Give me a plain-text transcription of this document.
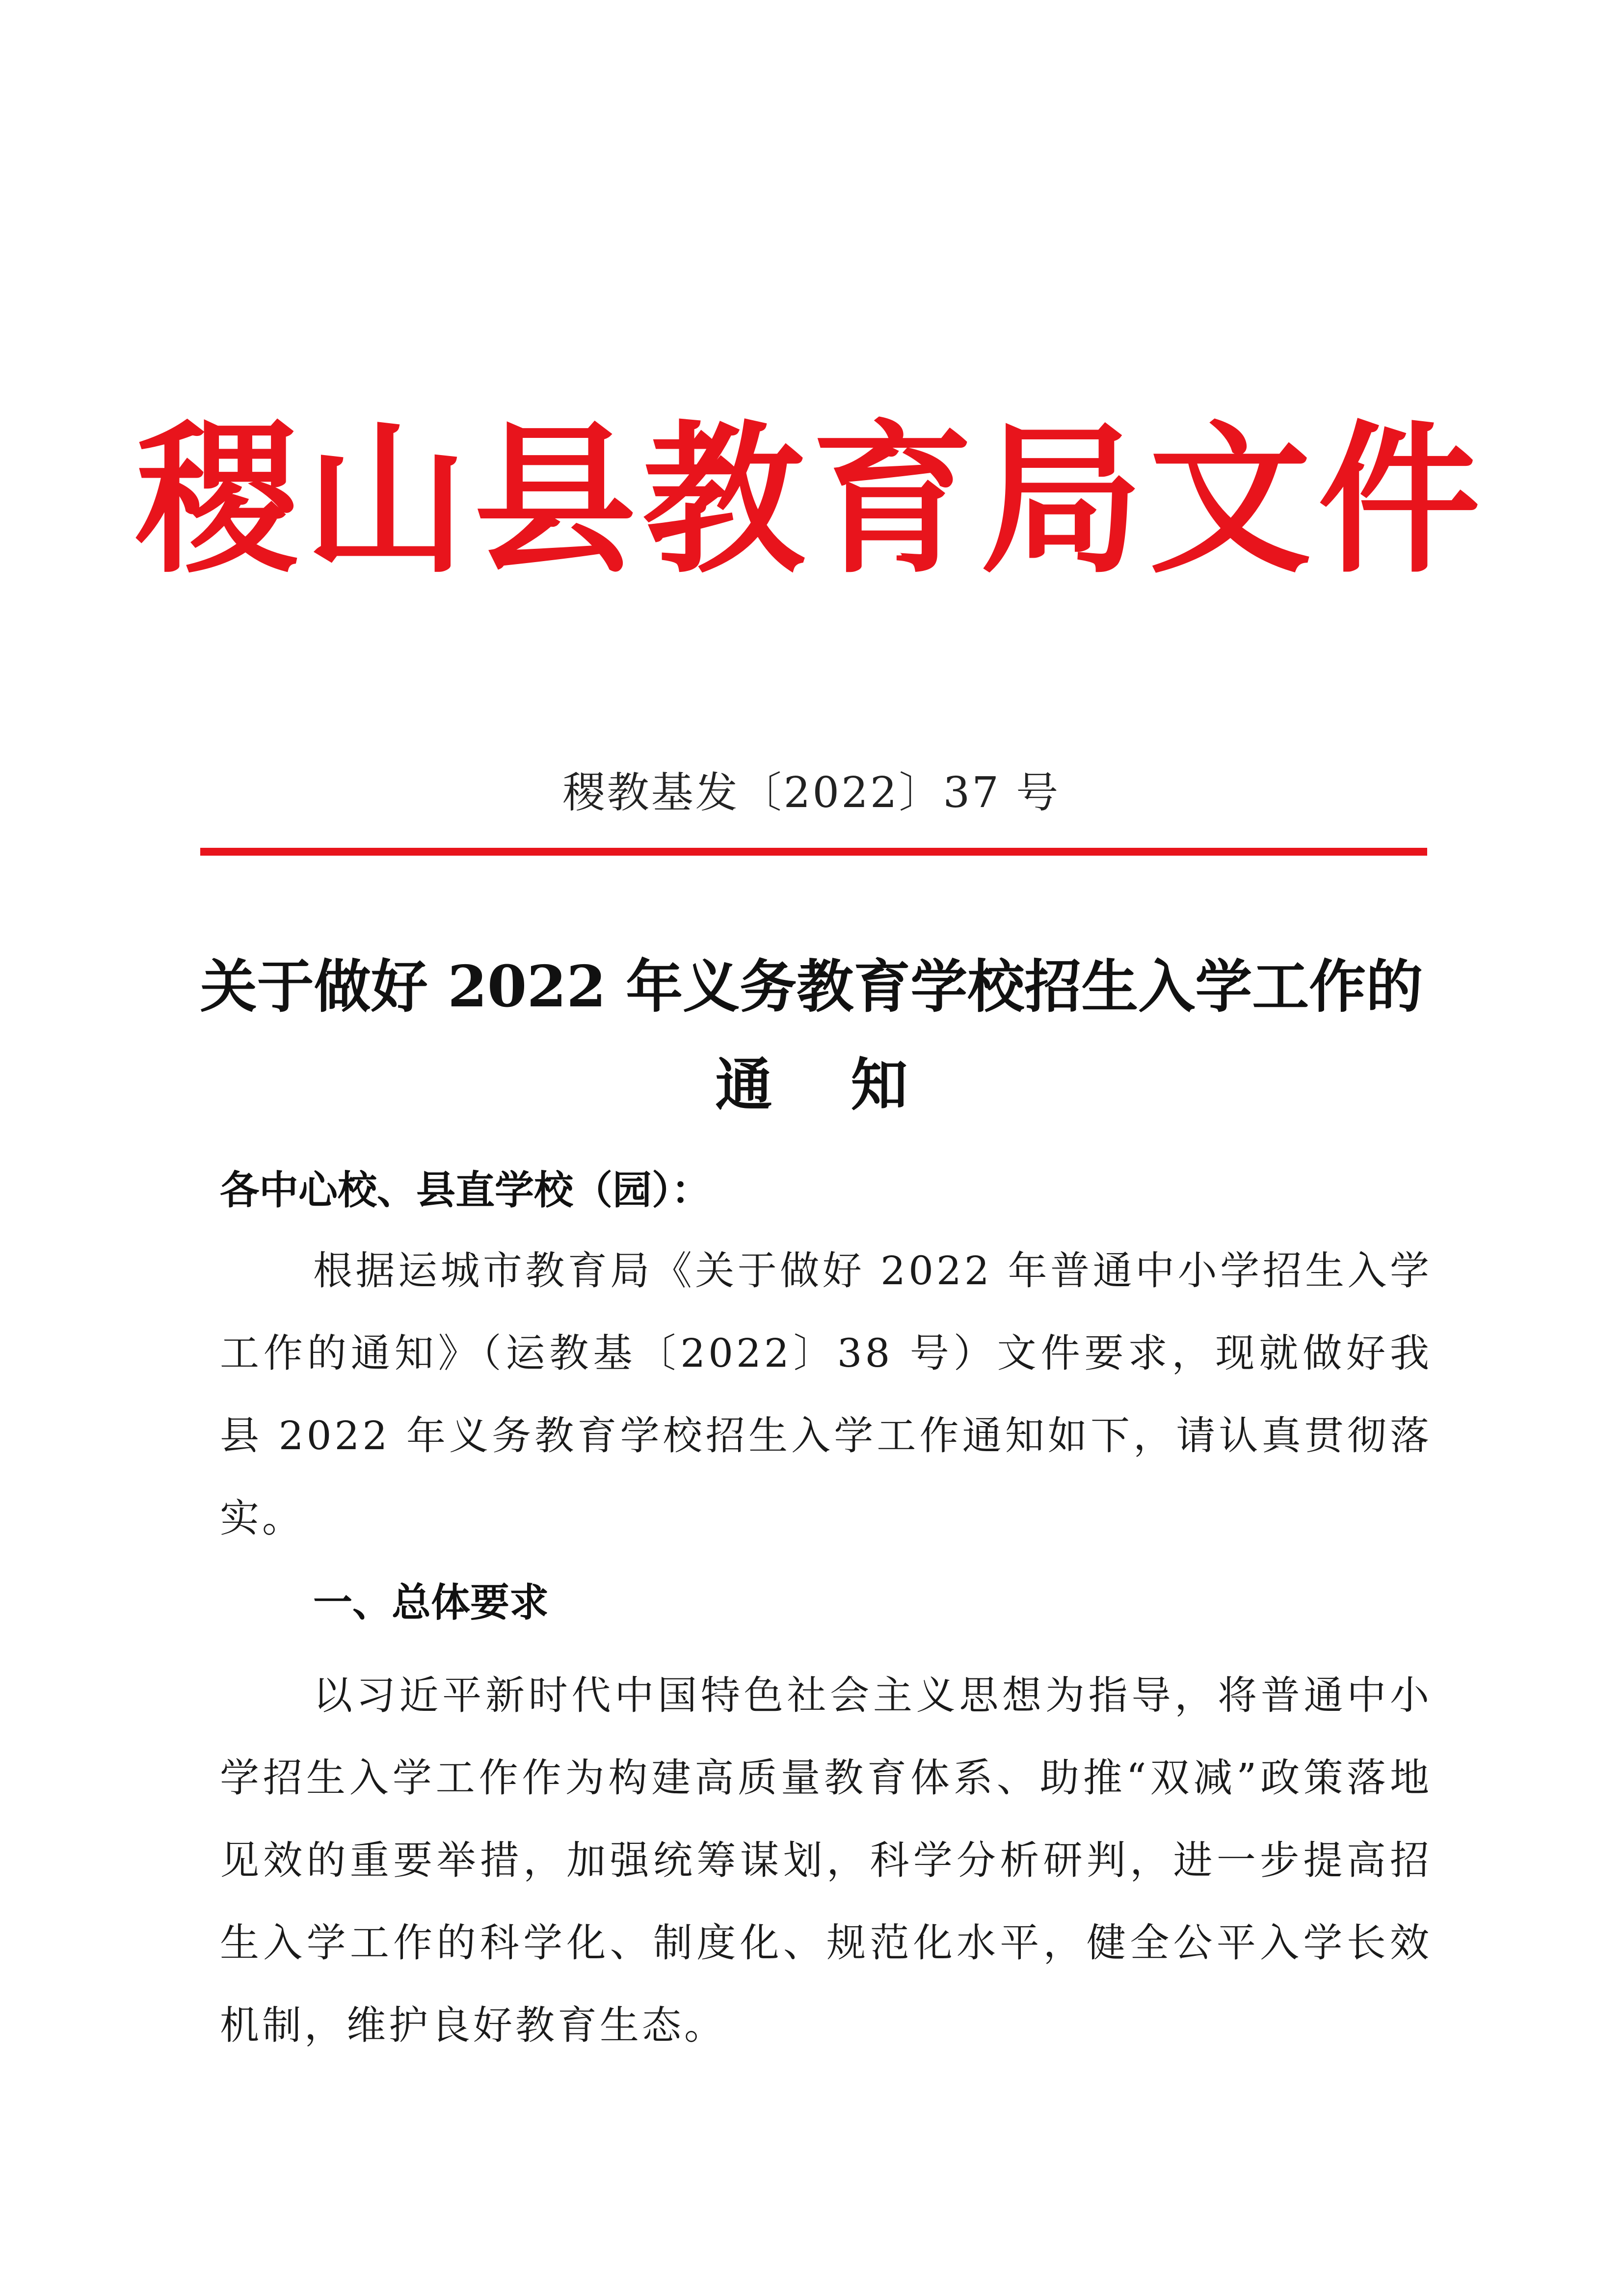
稷山县教育局文件
稷教基发〔2022〕37 号
关于做好 2022 年义务教育学校招生入学工作的
通知
各中心校、县直学校（园）：

根据运城市教育局《关于做好 2022 年普通中小学招生入学工作的通知》（运教基〔2022〕38 号）文件要求，现就做好我县 2022 年义务教育学校招生入学工作通知如下，请认真贯彻落实。

一、总体要求

以习近平新时代中国特色社会主义思想为指导，将普通中小学招生入学工作作为构建高质量教育体系、助推“双减”政策落地见效的重要举措，加强统筹谋划，科学分析研判，进一步提高招生入学工作的科学化、制度化、规范化水平，健全公平入学长效机制，维护良好教育生态。
